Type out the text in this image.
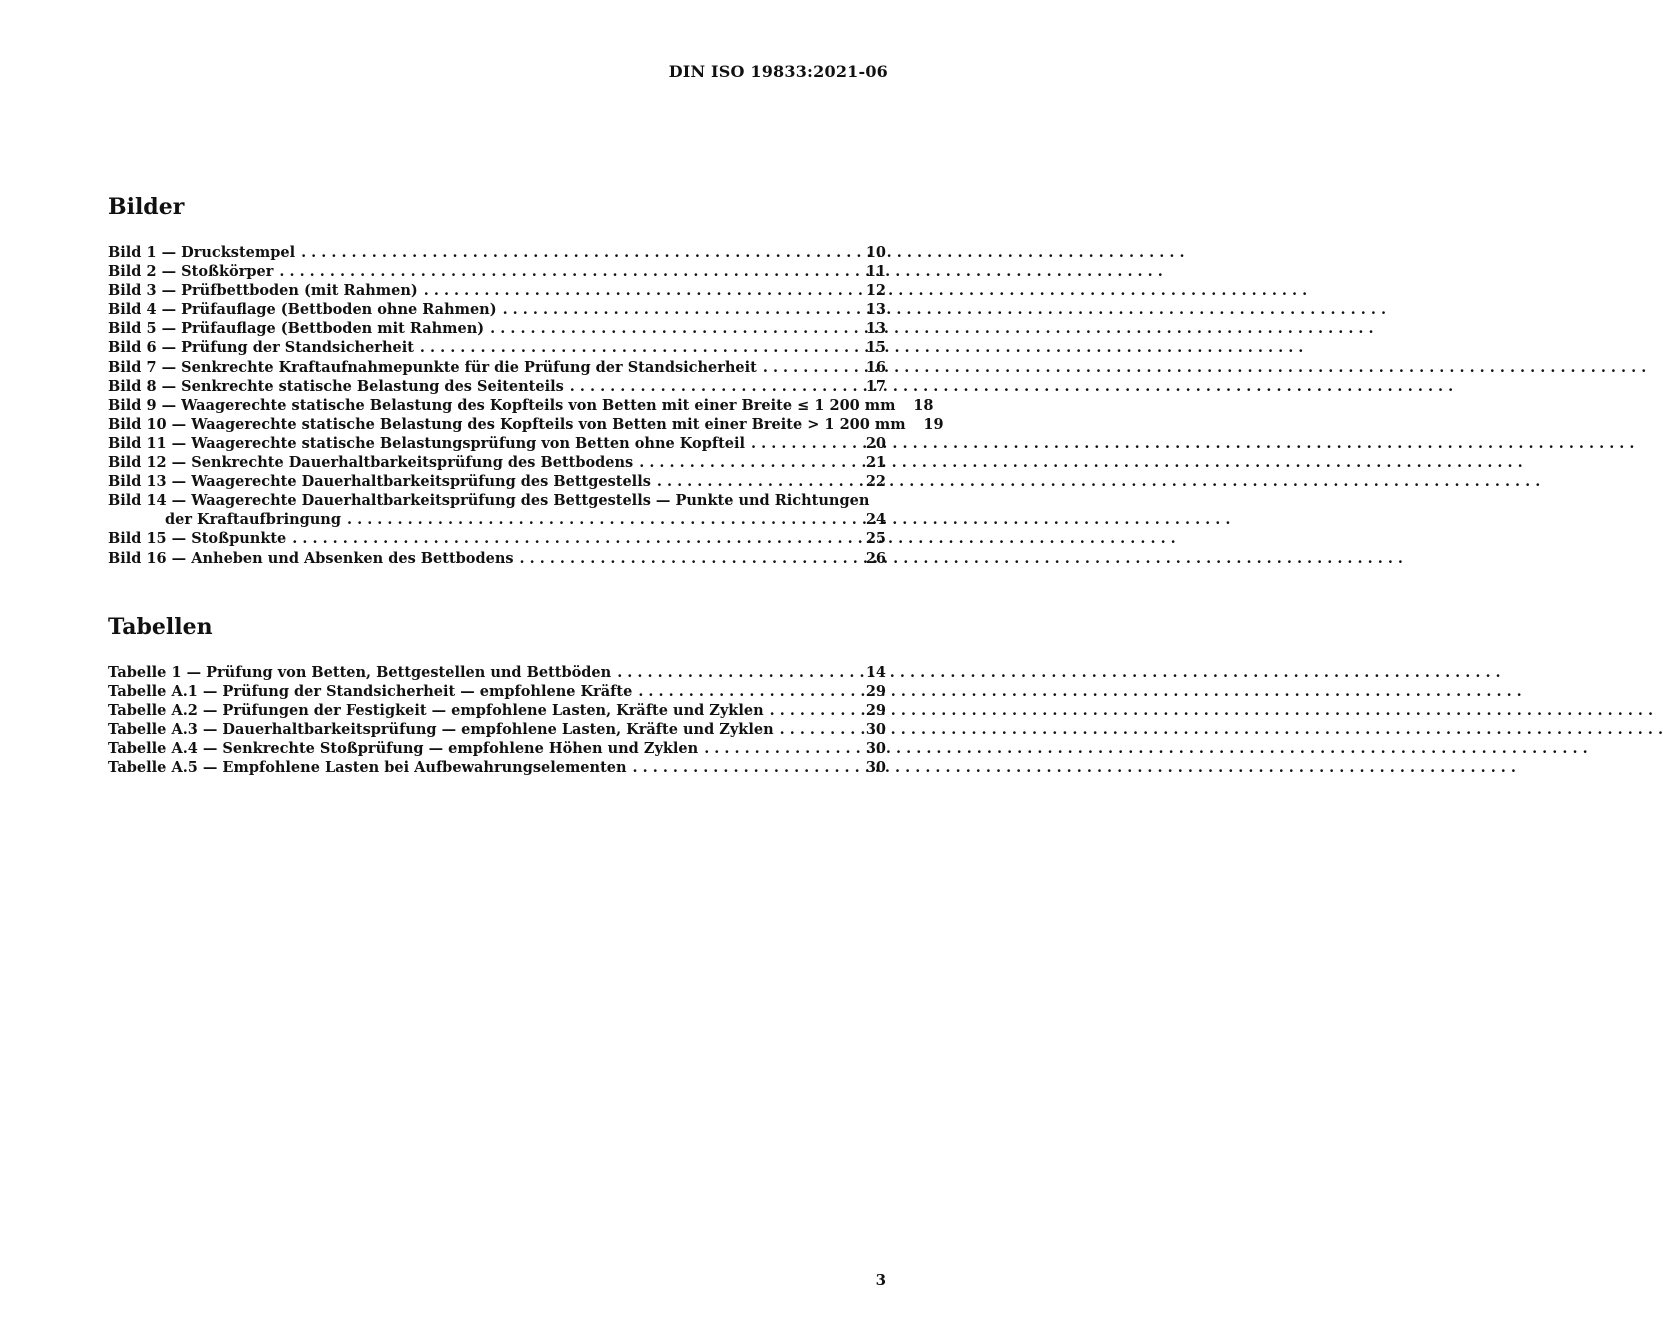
DIN ISO 19833:2021-06
Bilder
Bild 1 — Druckstempel . . .	10
Bild 2 — Stoßkörper . . .	11
Bild 3 — Prüfbettboden (mit Rahmen) . . .	12
Bild 4 — Prüfauflage (Bettboden ohne Rahmen) . . .	13
Bild 5 — Prüfauflage (Bettboden mit Rahmen) . . .	13
Bild 6 — Prüfung der Standsicherheit . . .	15
Bild 7 — Senkrechte Kraftaufnahmepunkte für die Prüfung der Standsicherheit . . .	16
Bild 8 — Senkrechte statische Belastung des Seitenteils . . .	17
Bild 9 — Waagerechte statische Belastung des Kopfteils von Betten mit einer Breite ≤ 1 200 mm	18
Bild 10 — Waagerechte statische Belastung des Kopfteils von Betten mit einer Breite > 1 200 mm	19
Bild 11 — Waagerechte statische Belastungsprüfung von Betten ohne Kopfteil . . .	20
Bild 12 — Senkrechte Dauerhaltbarkeitsprüfung des Bettbodens . . .	21
Bild 13 — Waagerechte Dauerhaltbarkeitsprüfung des Bettgestells . . .	22
Bild 14 — Waagerechte Dauerhaltbarkeitsprüfung des Bettgestells — Punkte und Richtungen
der Kraftaufbringung . . .	24
Bild 15 — Stoßpunkte . . .	25
Bild 16 — Anheben und Absenken des Bettbodens . . .	26
Tabellen
Tabelle 1 — Prüfung von Betten, Bettgestellen und Bettböden . . .	14
Tabelle A.1 — Prüfung der Standsicherheit — empfohlene Kräfte . . .	29
Tabelle A.2 — Prüfungen der Festigkeit — empfohlene Lasten, Kräfte und Zyklen . . .	29
Tabelle A.3 — Dauerhaltbarkeitsprüfung — empfohlene Lasten, Kräfte und Zyklen . . .	30
Tabelle A.4 — Senkrechte Stoßprüfung — empfohlene Höhen und Zyklen . . .	30
Tabelle A.5 — Empfohlene Lasten bei Aufbewahrungselementen . . .	30
3
